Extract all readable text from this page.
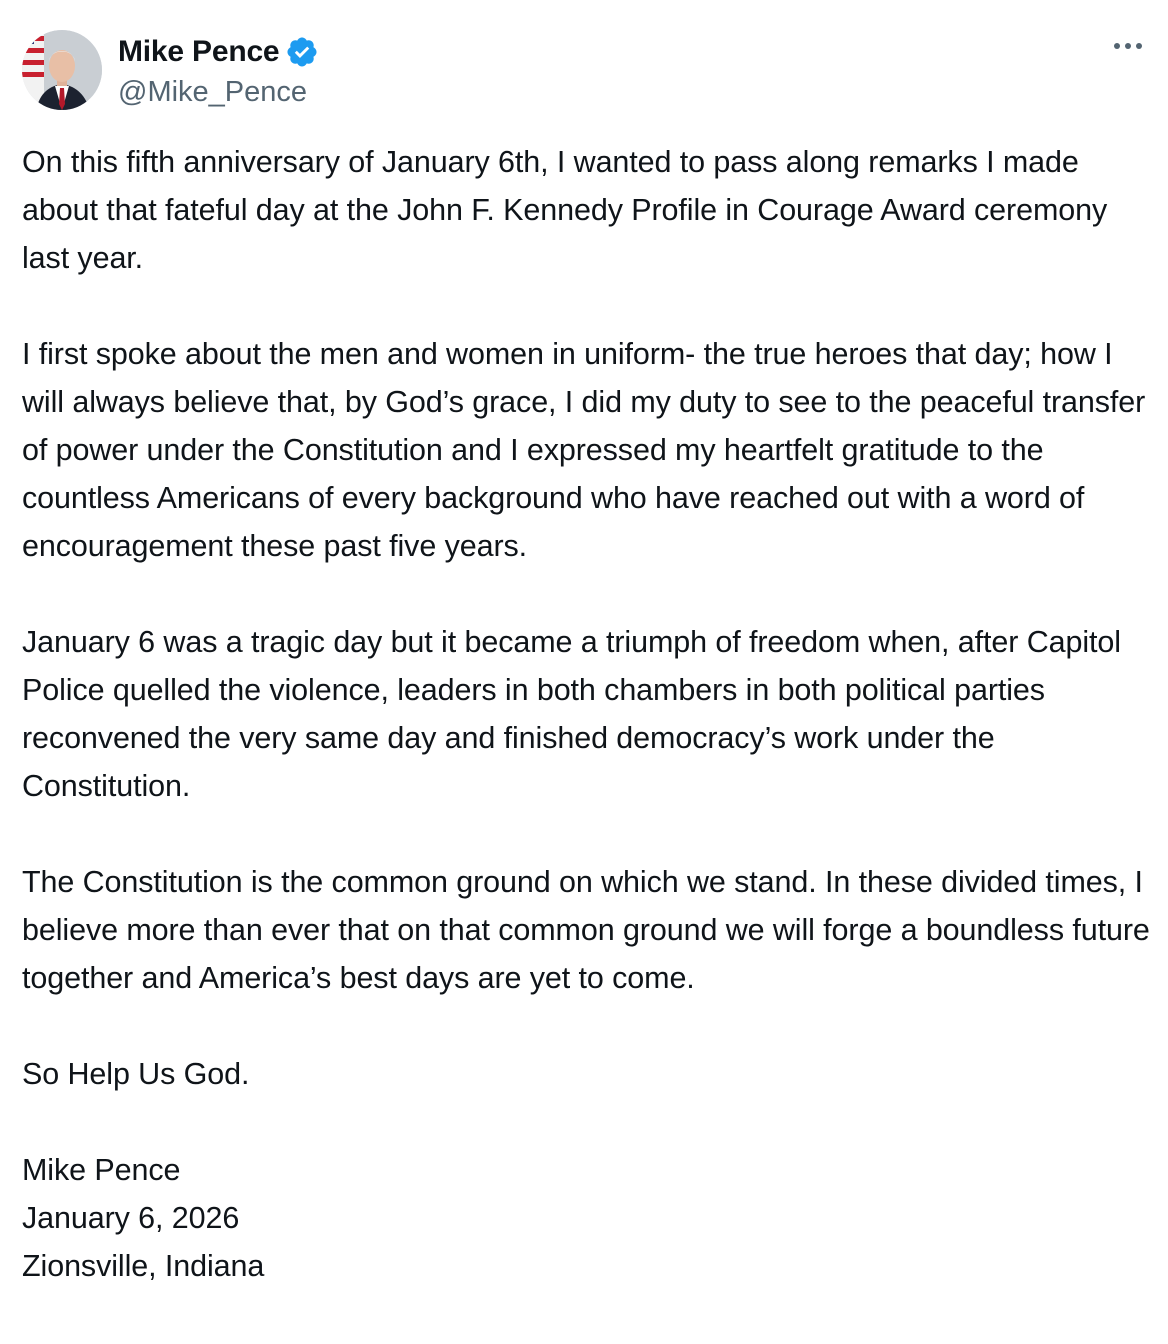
Mike Pence
@Mike_Pence

On this fifth anniversary of January 6th, I wanted to pass along remarks I made about that fateful day at the John F. Kennedy Profile in Courage Award ceremony last year.

I first spoke about the men and women in uniform- the true heroes that day; how I will always believe that, by God’s grace, I did my duty to see to the peaceful transfer of power under the Constitution and I expressed my heartfelt gratitude to the countless Americans of every background who have reached out with a word of encouragement these past five years.

January 6 was a tragic day but it became a triumph of freedom when, after Capitol Police quelled the violence, leaders in both chambers in both political parties reconvened the very same day and finished democracy’s work under the Constitution.

The Constitution is the common ground on which we stand. In these divided times, I believe more than ever that on that common ground we will forge a boundless future together and America’s best days are yet to come.

So Help Us God.

Mike Pence
January 6, 2026
Zionsville, Indiana
